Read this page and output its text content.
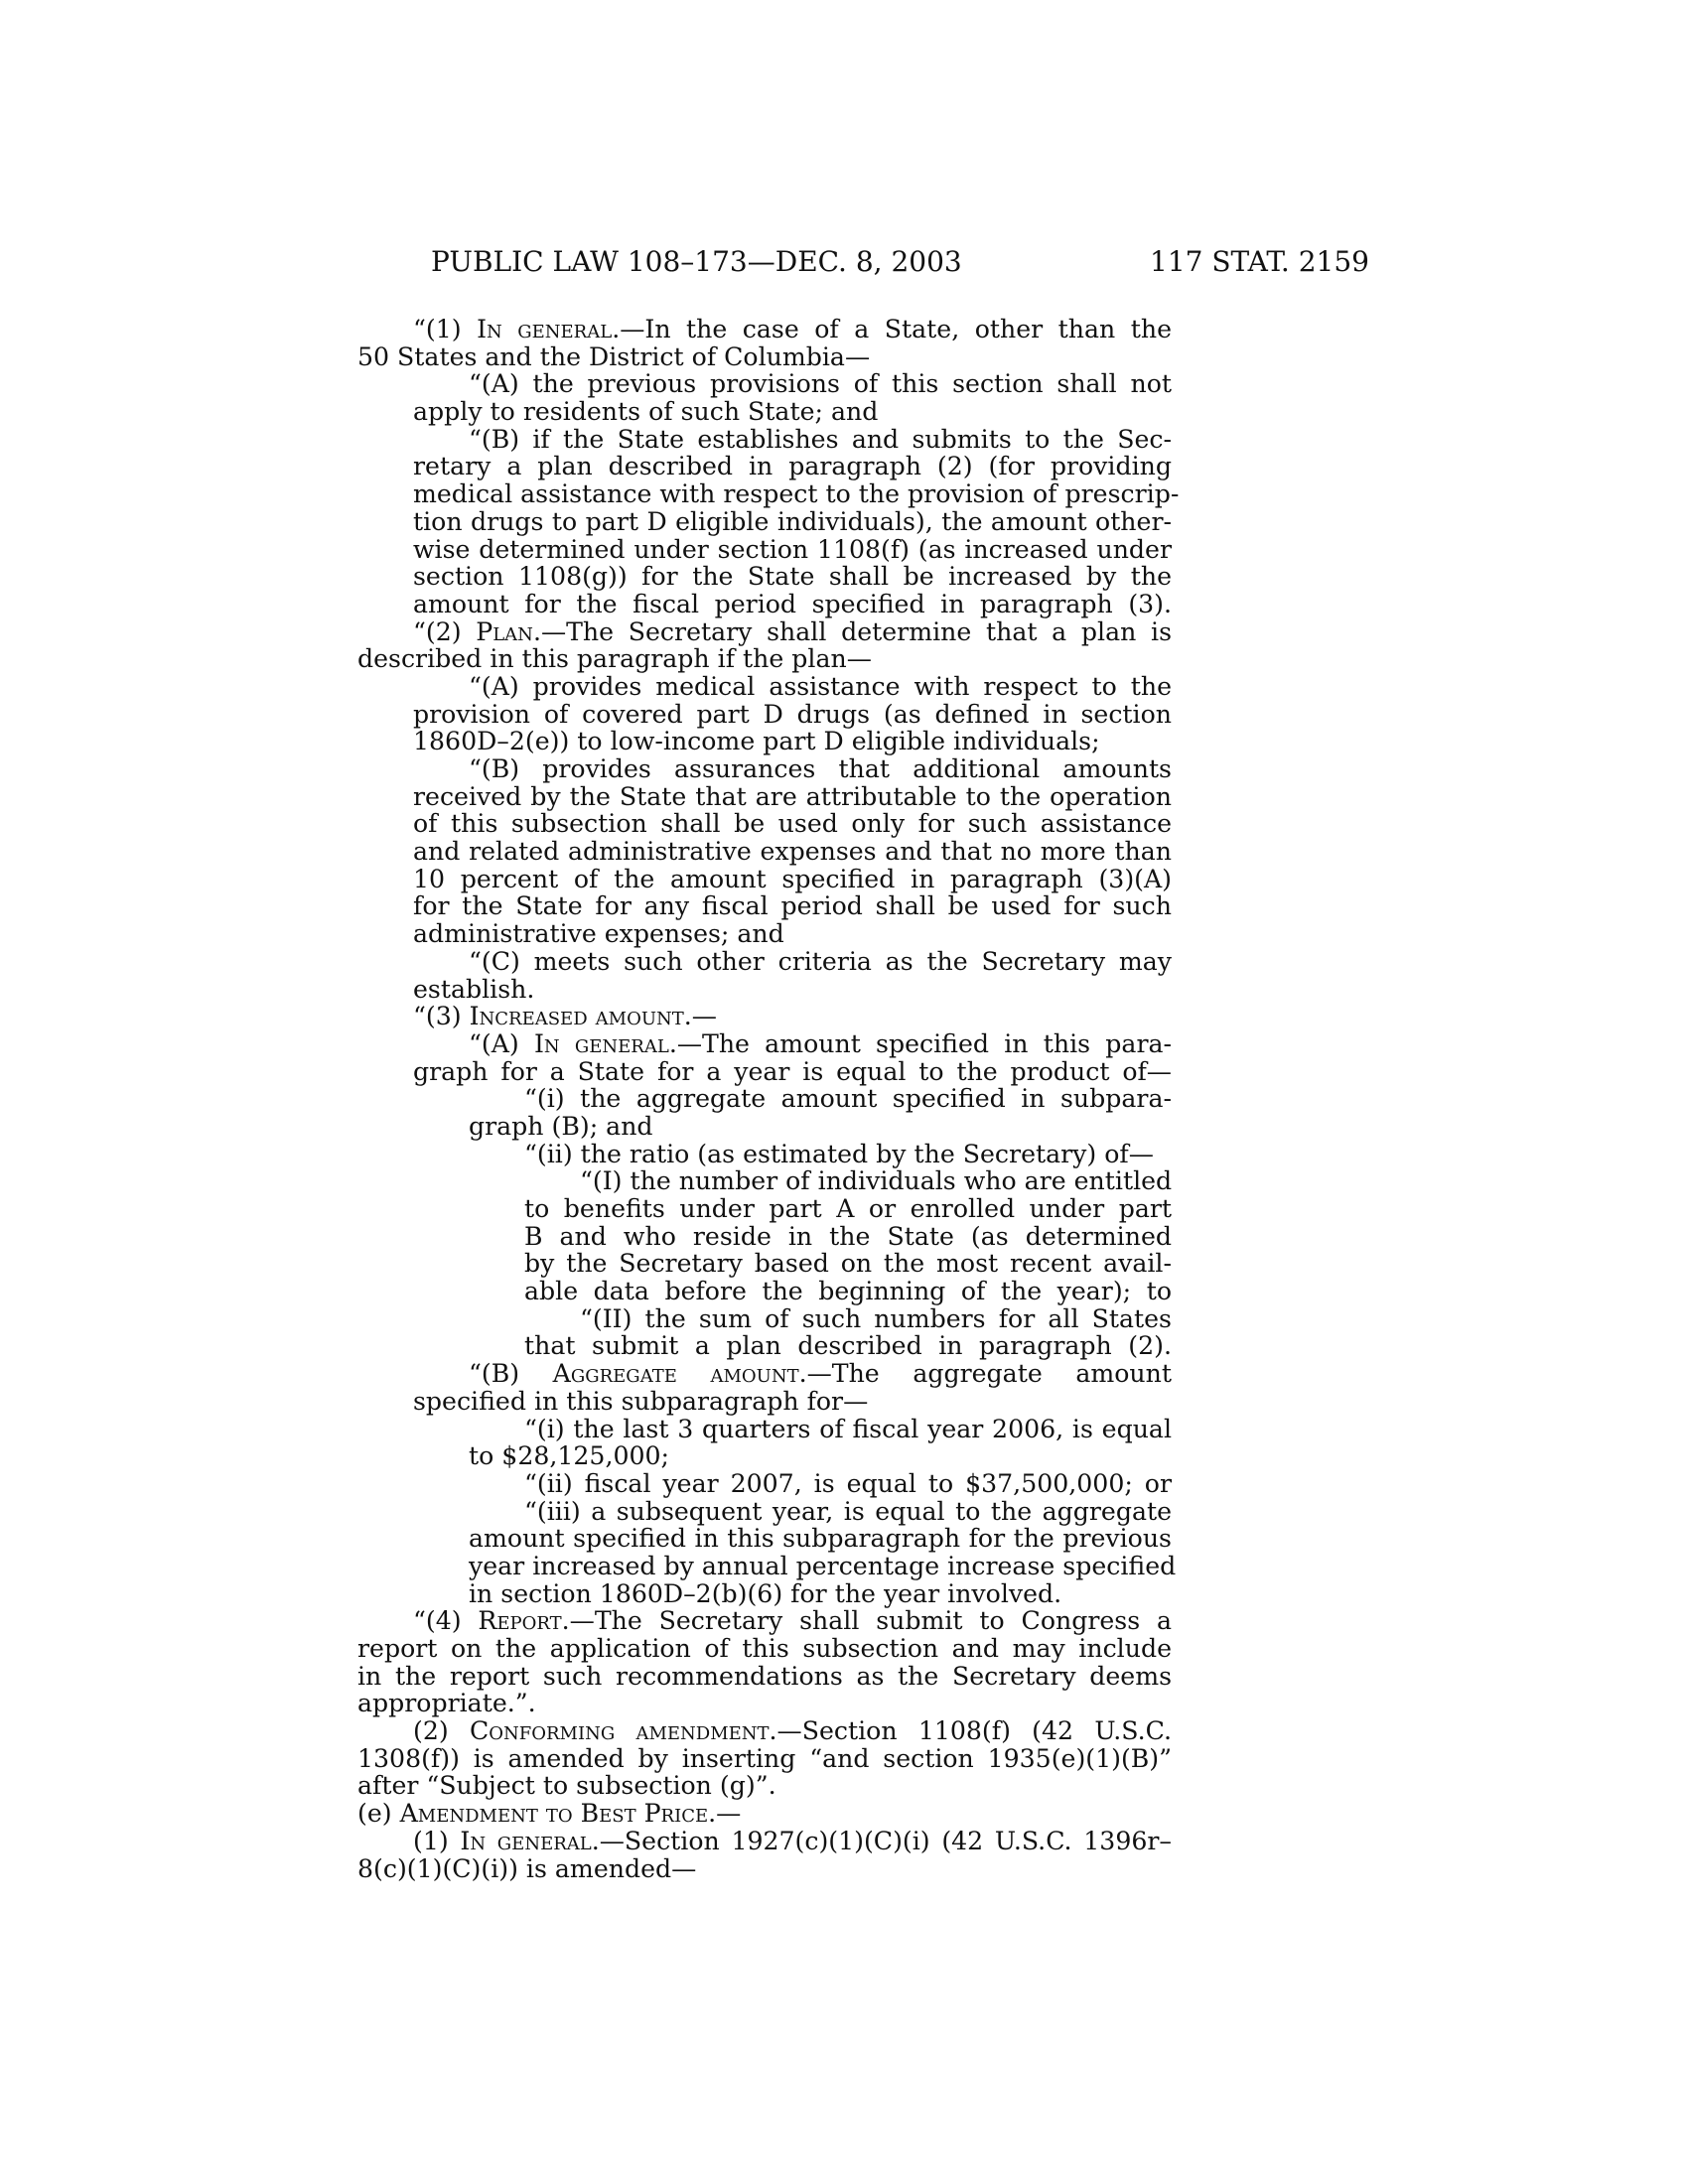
PUBLIC LAW 108–173—DEC. 8, 2003	117 STAT. 2159
“(1) In general.—In the case of a State, other than the
50 States and the District of Columbia—
“(A) the previous provisions of this section shall not
apply to residents of such State; and
“(B) if the State establishes and submits to the Sec-
retary a plan described in paragraph (2) (for providing
medical assistance with respect to the provision of prescrip-
tion drugs to part D eligible individuals), the amount other-
wise determined under section 1108(f) (as increased under
section 1108(g)) for the State shall be increased by the
amount for the fiscal period specified in paragraph (3).
“(2) Plan.—The Secretary shall determine that a plan is
described in this paragraph if the plan—
“(A) provides medical assistance with respect to the
provision of covered part D drugs (as defined in section
1860D–2(e)) to low-income part D eligible individuals;
“(B) provides assurances that additional amounts
received by the State that are attributable to the operation
of this subsection shall be used only for such assistance
and related administrative expenses and that no more than
10 percent of the amount specified in paragraph (3)(A)
for the State for any fiscal period shall be used for such
administrative expenses; and
“(C) meets such other criteria as the Secretary may
establish.
“(3) Increased amount.—
“(A) In general.—The amount specified in this para-
graph for a State for a year is equal to the product of—
“(i) the aggregate amount specified in subpara-
graph (B); and
“(ii) the ratio (as estimated by the Secretary) of—
“(I) the number of individuals who are entitled
to benefits under part A or enrolled under part
B and who reside in the State (as determined
by the Secretary based on the most recent avail-
able data before the beginning of the year); to
“(II) the sum of such numbers for all States
that submit a plan described in paragraph (2).
“(B) Aggregate amount.—The aggregate amount
specified in this subparagraph for—
“(i) the last 3 quarters of fiscal year 2006, is equal
to $28,125,000;
“(ii) fiscal year 2007, is equal to $37,500,000; or
“(iii) a subsequent year, is equal to the aggregate
amount specified in this subparagraph for the previous
year increased by annual percentage increase specified
in section 1860D–2(b)(6) for the year involved.
“(4) Report.—The Secretary shall submit to Congress a
report on the application of this subsection and may include
in the report such recommendations as the Secretary deems
appropriate.”.
(2) Conforming amendment.—Section 1108(f) (42 U.S.C.
1308(f)) is amended by inserting “and section 1935(e)(1)(B)”
after “Subject to subsection (g)”.
(e) Amendment to Best Price.—
(1) In general.—Section 1927(c)(1)(C)(i) (42 U.S.C. 1396r–
8(c)(1)(C)(i)) is amended—
